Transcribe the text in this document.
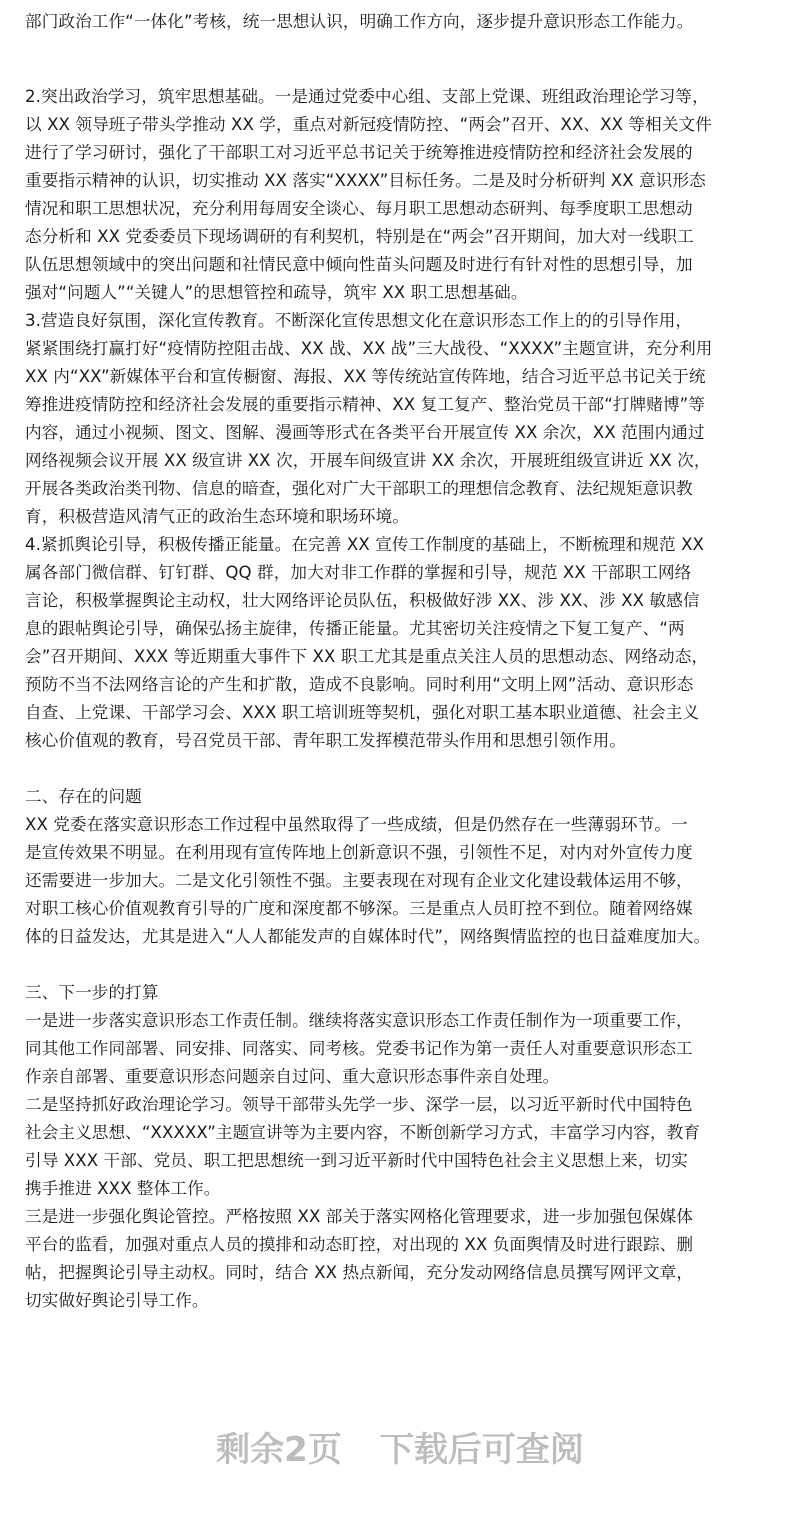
部门政治工作“一体化”考核，统一思想认识，明确工作方向，逐步提升意识形态工作能力。
2.突出政治学习，筑牢思想基础。一是通过党委中心组、支部上党课、班组政治理论学习等，
以 XX 领导班子带头学推动 XX 学，重点对新冠疫情防控、“两会”召开、XX、XX 等相关文件
进行了学习研讨，强化了干部职工对习近平总书记关于统筹推进疫情防控和经济社会发展的
重要指示精神的认识，切实推动 XX 落实“XXXX”目标任务。二是及时分析研判 XX 意识形态
情况和职工思想状况，充分利用每周安全谈心、每月职工思想动态研判、每季度职工思想动
态分析和 XX 党委委员下现场调研的有利契机，特别是在“两会”召开期间，加大对一线职工
队伍思想领域中的突出问题和社情民意中倾向性苗头问题及时进行有针对性的思想引导，加
强对“问题人”“关键人”的思想管控和疏导，筑牢 XX 职工思想基础。
3.营造良好氛围，深化宣传教育。不断深化宣传思想文化在意识形态工作上的的引导作用，
紧紧围绕打赢打好“疫情防控阻击战、XX 战、XX 战”三大战役、“XXXX”主题宣讲，充分利用
XX 内“XX”新媒体平台和宣传橱窗、海报、XX 等传统站宣传阵地，结合习近平总书记关于统
筹推进疫情防控和经济社会发展的重要指示精神、XX 复工复产、整治党员干部“打牌赌博”等
内容，通过小视频、图文、图解、漫画等形式在各类平台开展宣传 XX 余次，XX 范围内通过
网络视频会议开展 XX 级宣讲 XX 次，开展车间级宣讲 XX 余次，开展班组级宣讲近 XX 次，
开展各类政治类刊物、信息的暗查，强化对广大干部职工的理想信念教育、法纪规矩意识教
育，积极营造风清气正的政治生态环境和职场环境。
4.紧抓舆论引导，积极传播正能量。在完善 XX 宣传工作制度的基础上，不断梳理和规范 XX
属各部门微信群、钉钉群、QQ 群，加大对非工作群的掌握和引导，规范 XX 干部职工网络
言论，积极掌握舆论主动权，壮大网络评论员队伍，积极做好涉 XX、涉 XX、涉 XX 敏感信
息的跟帖舆论引导，确保弘扬主旋律，传播正能量。尤其密切关注疫情之下复工复产、“两
会”召开期间、XXX 等近期重大事件下 XX 职工尤其是重点关注人员的思想动态、网络动态，
预防不当不法网络言论的产生和扩散，造成不良影响。同时利用“文明上网”活动、意识形态
自查、上党课、干部学习会、XXX 职工培训班等契机，强化对职工基本职业道德、社会主义
核心价值观的教育，号召党员干部、青年职工发挥模范带头作用和思想引领作用。
二、存在的问题
XX 党委在落实意识形态工作过程中虽然取得了一些成绩，但是仍然存在一些薄弱环节。一
是宣传效果不明显。在利用现有宣传阵地上创新意识不强，引领性不足，对内对外宣传力度
还需要进一步加大。二是文化引领性不强。主要表现在对现有企业文化建设载体运用不够，
对职工核心价值观教育引导的广度和深度都不够深。三是重点人员盯控不到位。随着网络媒
体的日益发达，尤其是进入“人人都能发声的自媒体时代”，网络舆情监控的也日益难度加大。
三、下一步的打算
一是进一步落实意识形态工作责任制。继续将落实意识形态工作责任制作为一项重要工作，
同其他工作同部署、同安排、同落实、同考核。党委书记作为第一责任人对重要意识形态工
作亲自部署、重要意识形态问题亲自过问、重大意识形态事件亲自处理。
二是坚持抓好政治理论学习。领导干部带头先学一步、深学一层，以习近平新时代中国特色
社会主义思想、“XXXXX”主题宣讲等为主要内容，不断创新学习方式，丰富学习内容，教育
引导 XXX 干部、党员、职工把思想统一到习近平新时代中国特色社会主义思想上来，切实
携手推进 XXX 整体工作。
三是进一步强化舆论管控。严格按照 XX 部关于落实网格化管理要求，进一步加强包保媒体
平台的监看，加强对重点人员的摸排和动态盯控，对出现的 XX 负面舆情及时进行跟踪、删
帖，把握舆论引导主动权。同时，结合 XX 热点新闻，充分发动网络信息员撰写网评文章，
切实做好舆论引导工作。
剩余2页 下载后可查阅
